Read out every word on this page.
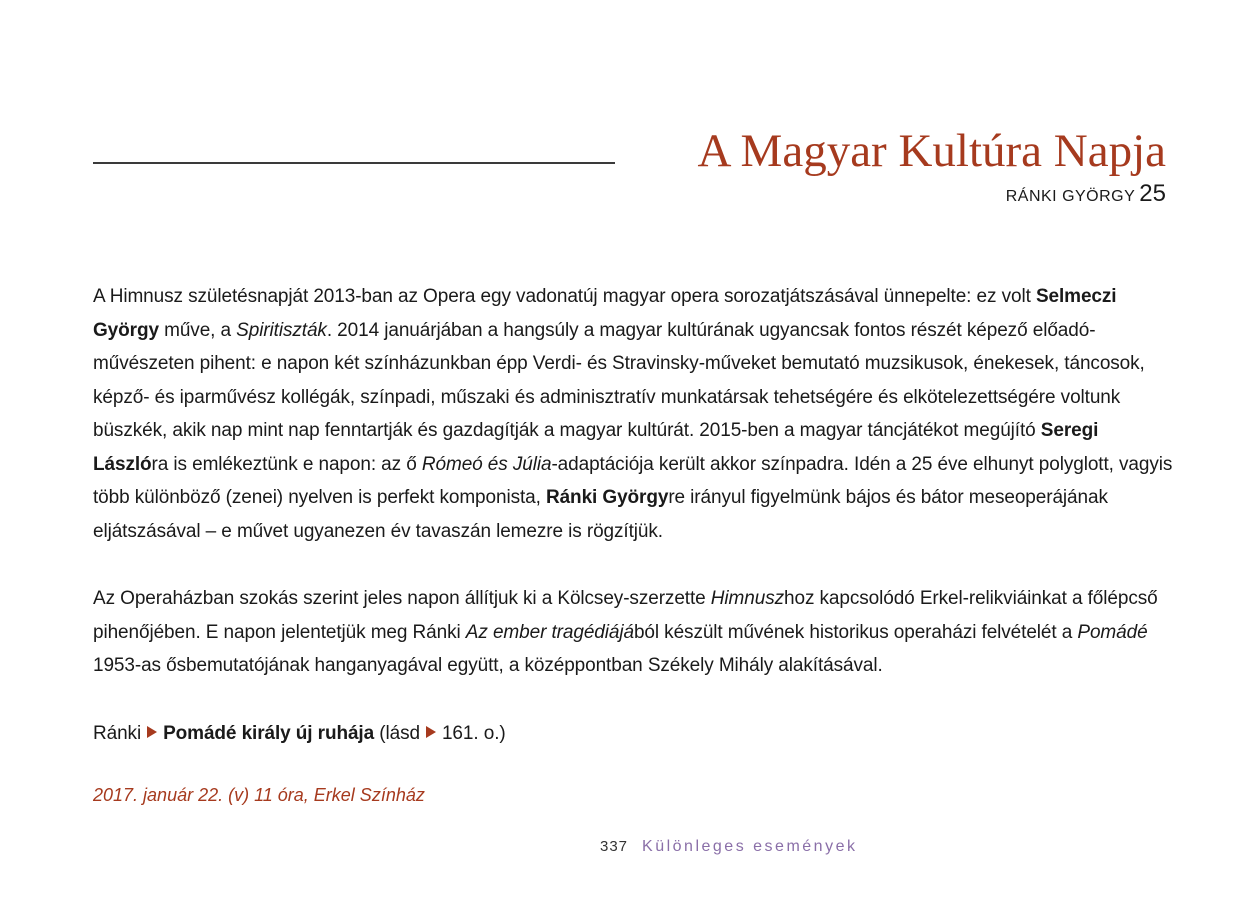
A Magyar Kultúra Napja
RÁNKI GYÖRGY 25

A Himnusz születésnapját 2013-ban az Opera egy vadonatúj magyar opera sorozatjátszásával ünnepelte: ez volt Selmeczi György műve, a Spiritiszták. 2014 januárjában a hangsúly a magyar kultúrának ugyancsak fontos részét képező előadóművészeten pihent: e napon két színházunkban épp Verdi- és Stravinsky-műveket bemutató muzsikusok, énekesek, táncosok, képző- és iparművész kollégák, színpadi, műszaki és adminisztratív munkatársak tehetségére és elkötelezettségére voltunk büszkék, akik nap mint nap fenntartják és gazdagítják a magyar kultúrát. 2015-ben a magyar táncjátékot megújító Seregi Lászlóra is emlékeztünk e napon: az ő Rómeó és Júlia-adaptációja került akkor színpadra. Idén a 25 éve elhunyt polyglott, vagyis több különböző (zenei) nyelven is perfekt komponista, Ránki Györgyre irányul figyelmünk bájos és bátor meseoperájának eljátszásával – e művet ugyanezen év tavaszán lemezre is rögzítjük.

Az Operaházban szokás szerint jeles napon állítjuk ki a Kölcsey-szerzette Himnuszhoz kapcsolódó Erkel-relikviáinkat a főlépcső pihenőjében. E napon jelentetjük meg Ránki Az ember tragédiájából készült művének historikus operaházi felvételét a Pomádé 1953-as ősbemutatójának hanganyagával együtt, a középpontban Székely Mihály alakításával.

Ránki Pomádé király új ruhája (lásd 161. o.)

2017. január 22. (v) 11 óra, Erkel Színház
337 Különleges események
